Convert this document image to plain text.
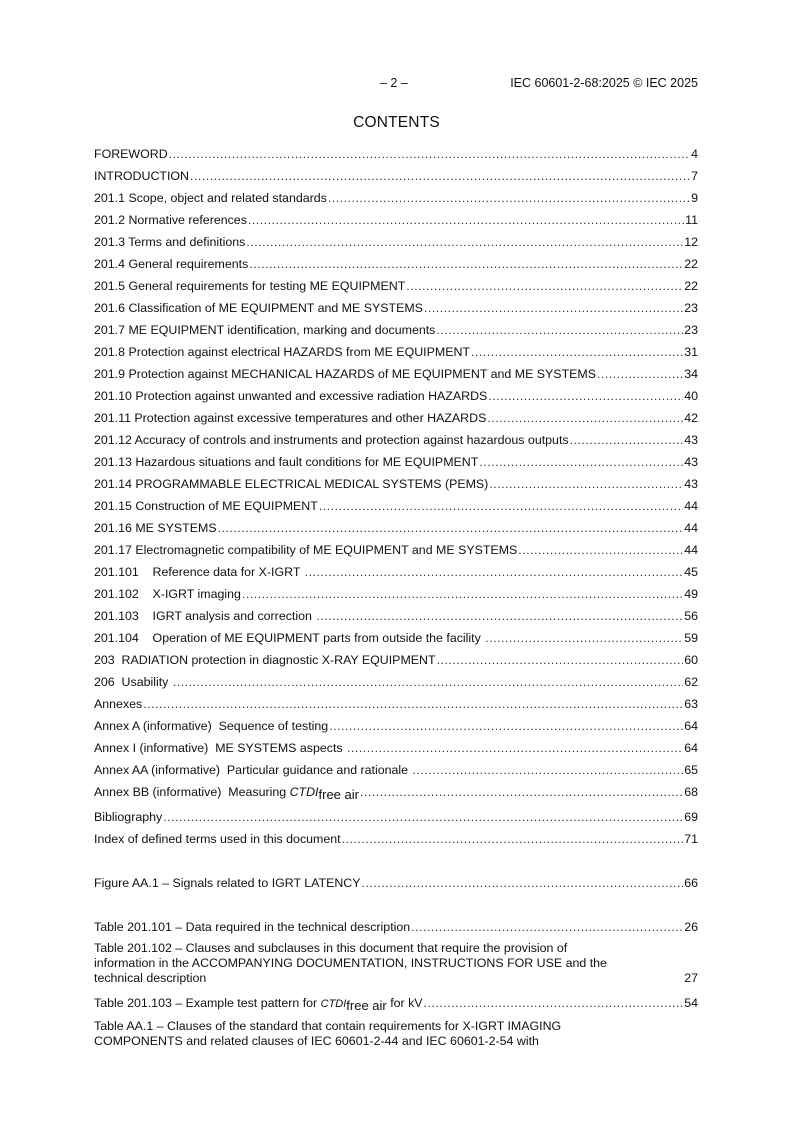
– 2 –	IEC 60601-2-68:2025 © IEC 2025
CONTENTS
FOREWORD .....	4
INTRODUCTION .....	7
201.1 Scope, object and related standards .....	9
201.2 Normative references .....	11
201.3 Terms and definitions .....	12
201.4 General requirements .....	22
201.5 General requirements for testing ME EQUIPMENT .....	22
201.6 Classification of ME EQUIPMENT and ME SYSTEMS .....	23
201.7 ME EQUIPMENT identification, marking and documents .....	23
201.8 Protection against electrical HAZARDS from ME EQUIPMENT .....	31
201.9 Protection against MECHANICAL HAZARDS of ME EQUIPMENT and ME SYSTEMS .....	34
201.10 Protection against unwanted and excessive radiation HAZARDS .....	40
201.11 Protection against excessive temperatures and other HAZARDS .....	42
201.12 Accuracy of controls and instruments and protection against hazardous outputs .....	43
201.13 Hazardous situations and fault conditions for ME EQUIPMENT .....	43
201.14 PROGRAMMABLE ELECTRICAL MEDICAL SYSTEMS (PEMS) .....	43
201.15 Construction of ME EQUIPMENT .....	44
201.16 ME SYSTEMS .....	44
201.17 Electromagnetic compatibility of ME EQUIPMENT and ME SYSTEMS .....	44
201.101    Reference data for X-IGRT .....	45
201.102    X-IGRT imaging .....	49
201.103    IGRT analysis and correction .....	56
201.104    Operation of ME EQUIPMENT parts from outside the facility .....	59
203  RADIATION protection in diagnostic X-RAY EQUIPMENT .....	60
206  Usability .....	62
Annexes .....	63
Annex A (informative)  Sequence of testing .....	64
Annex I (informative)  ME SYSTEMS aspects .....	64
Annex AA (informative)  Particular guidance and rationale .....	65
Annex BB (informative)  Measuring CTDIfree air .....	68
Bibliography .....	69
Index of defined terms used in this document .....	71
Figure AA.1 – Signals related to IGRT LATENCY .....	66
Table 201.101 – Data required in the technical description .....	26
Table 201.102 – Clauses and subclauses in this document that require the provision of
information in the ACCOMPANYING DOCUMENTATION, INSTRUCTIONS FOR USE and the
technical description	27
Table 201.103 – Example test pattern for CTDIfree air for kV .....	54
Table AA.1 – Clauses of the standard that contain requirements for X-IGRT IMAGING
COMPONENTS and related clauses of IEC 60601-2-44 and IEC 60601-2-54 with
